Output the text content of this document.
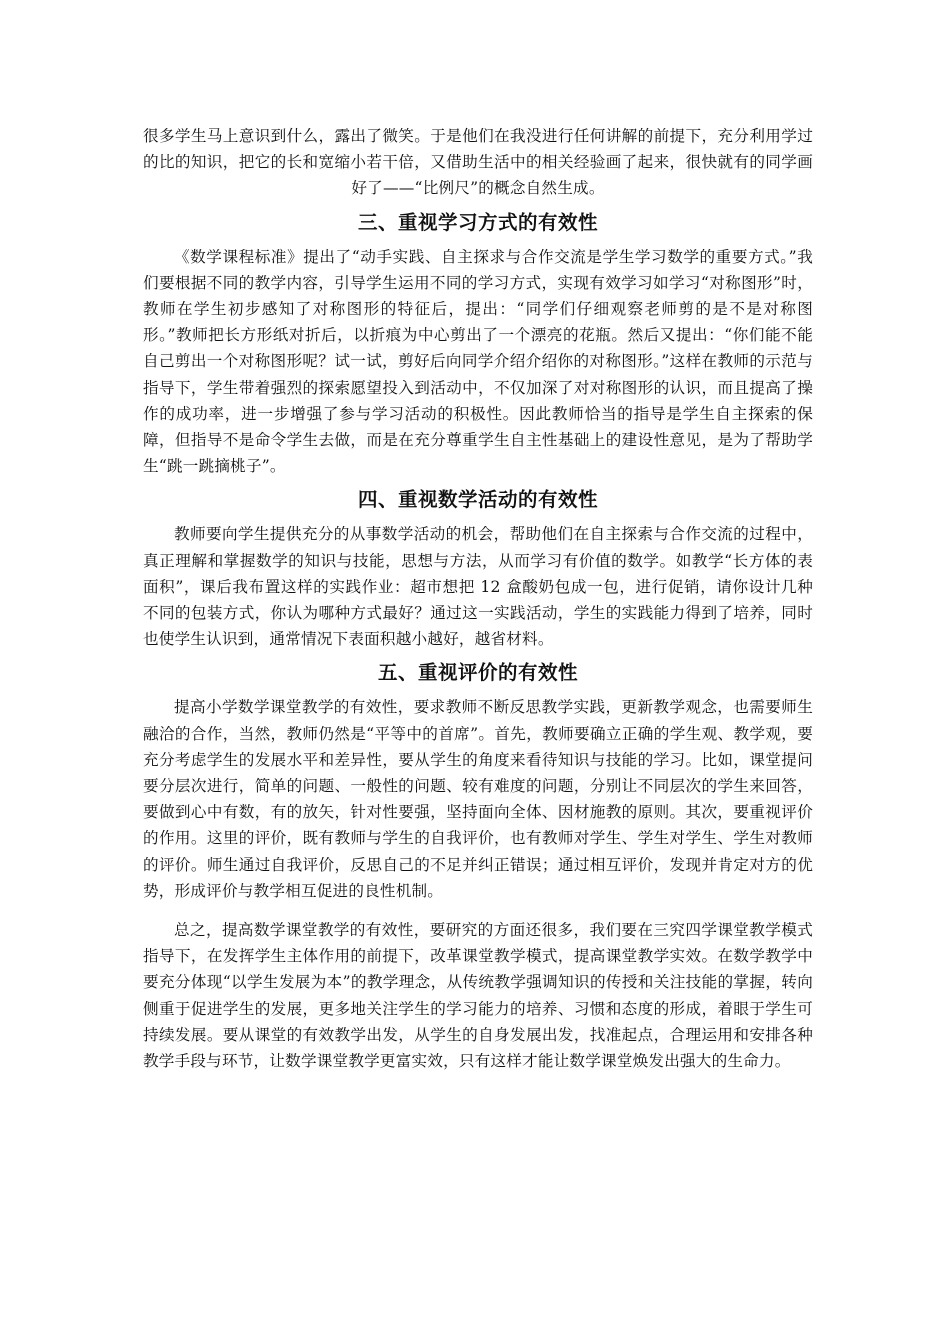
很多学生马上意识到什么，露出了微笑。于是他们在我没进行任何讲解的前提下，充分利用学过的比的知识，把它的长和宽缩小若干倍，又借助生活中的相关经验画了起来，很快就有的同学画好了——“比例尺”的概念自然生成。

三、重视学习方式的有效性

《数学课程标准》提出了“动手实践、自主探求与合作交流是学生学习数学的重要方式。”我们要根据不同的教学内容，引导学生运用不同的学习方式，实现有效学习如学习“对称图形”时，教师在学生初步感知了对称图形的特征后，提出：“同学们仔细观察老师剪的是不是对称图形。”教师把长方形纸对折后，以折痕为中心剪出了一个漂亮的花瓶。然后又提出：“你们能不能自己剪出一个对称图形呢？试一试，剪好后向同学介绍介绍你的对称图形。”这样在教师的示范与指导下，学生带着强烈的探索愿望投入到活动中，不仅加深了对对称图形的认识，而且提高了操作的成功率，进一步增强了参与学习活动的积极性。因此教师恰当的指导是学生自主探索的保障，但指导不是命令学生去做，而是在充分尊重学生自主性基础上的建设性意见，是为了帮助学生“跳一跳摘桃子”。

四、重视数学活动的有效性

教师要向学生提供充分的从事数学活动的机会，帮助他们在自主探索与合作交流的过程中，真正理解和掌握数学的知识与技能，思想与方法，从而学习有价值的数学。如教学“长方体的表面积”，课后我布置这样的实践作业：超市想把 12 盒酸奶包成一包，进行促销，请你设计几种不同的包装方式，你认为哪种方式最好？通过这一实践活动，学生的实践能力得到了培养，同时也使学生认识到，通常情况下表面积越小越好，越省材料。

五、重视评价的有效性

提高小学数学课堂教学的有效性，要求教师不断反思教学实践，更新教学观念，也需要师生融洽的合作，当然，教师仍然是“平等中的首席”。首先，教师要确立正确的学生观、教学观，要充分考虑学生的发展水平和差异性，要从学生的角度来看待知识与技能的学习。比如，课堂提问要分层次进行，简单的问题、一般性的问题、较有难度的问题，分别让不同层次的学生来回答，要做到心中有数，有的放矢，针对性要强，坚持面向全体、因材施教的原则。其次，要重视评价的作用。这里的评价，既有教师与学生的自我评价，也有教师对学生、学生对学生、学生对教师的评价。师生通过自我评价，反思自己的不足并纠正错误；通过相互评价，发现并肯定对方的优势，形成评价与教学相互促进的良性机制。

总之，提高数学课堂教学的有效性，要研究的方面还很多，我们要在三究四学课堂教学模式指导下，在发挥学生主体作用的前提下，改革课堂教学模式，提高课堂教学实效。在数学教学中要充分体现“以学生发展为本”的教学理念，从传统教学强调知识的传授和关注技能的掌握，转向侧重于促进学生的发展，更多地关注学生的学习能力的培养、习惯和态度的形成，着眼于学生可持续发展。要从课堂的有效教学出发，从学生的自身发展出发，找准起点，合理运用和安排各种教学手段与环节，让数学课堂教学更富实效，只有这样才能让数学课堂焕发出强大的生命力。
